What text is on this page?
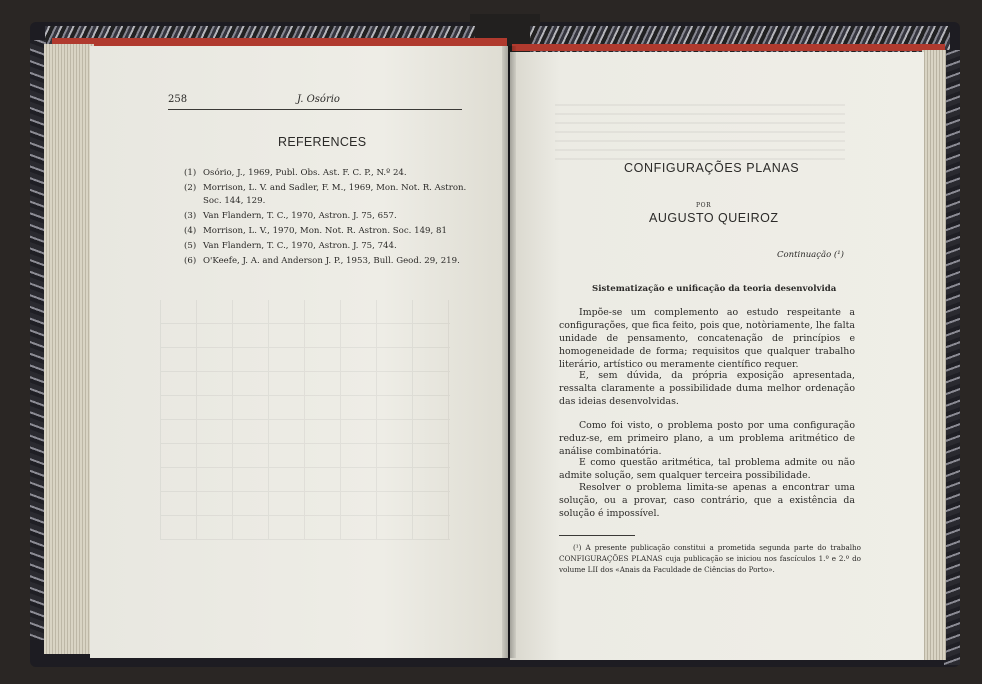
258	J. Osório

REFERENCES

(1) Osório, J., 1969, Publ. Obs. Ast. F. C. P., N.º 24.
(2) Morrison, L. V. and Sadler, F. M., 1969, Mon. Not. R. Astron. Soc. 144, 129.
(3) Van Flandern, T. C., 1970, Astron. J. 75, 657.
(4) Morrison, L. V., 1970, Mon. Not. R. Astron. Soc. 149, 81
(5) Van Flandern, T. C., 1970, Astron. J. 75, 744.
(6) O'Keefe, J. A. and Anderson J. P., 1953, Bull. Geod. 29, 219.

CONFIGURAÇÕES PLANAS

POR

AUGUSTO QUEIROZ

Continuação (¹)

Sistematização e unificação da teoria desenvolvida

Impõe-se um complemento ao estudo respeitante a configurações, que fica feito, pois que, notòriamente, lhe falta unidade de pensamento, concatenação de princípios e homogeneidade de forma; requisitos que qualquer trabalho literário, artístico ou meramente científico requer.

E, sem dúvida, da própria exposição apresentada, ressalta claramente a possibilidade duma melhor ordenação das ideias desenvolvidas.

Como foi visto, o problema posto por uma configuração reduz-se, em primeiro plano, a um problema aritmético de análise combinatória.

E como questão aritmética, tal problema admite ou não admite solução, sem qualquer terceira possibilidade.

Resolver o problema limita-se apenas a encontrar uma solução, ou a provar, caso contrário, que a existência da solução é impossível.

(¹) A presente publicação constitui a prometida segunda parte do trabalho CONFIGURAÇÕES PLANAS cuja publicação se iniciou nos fascículos 1.º e 2.º do volume LII dos «Anais da Faculdade de Ciências do Porto».
